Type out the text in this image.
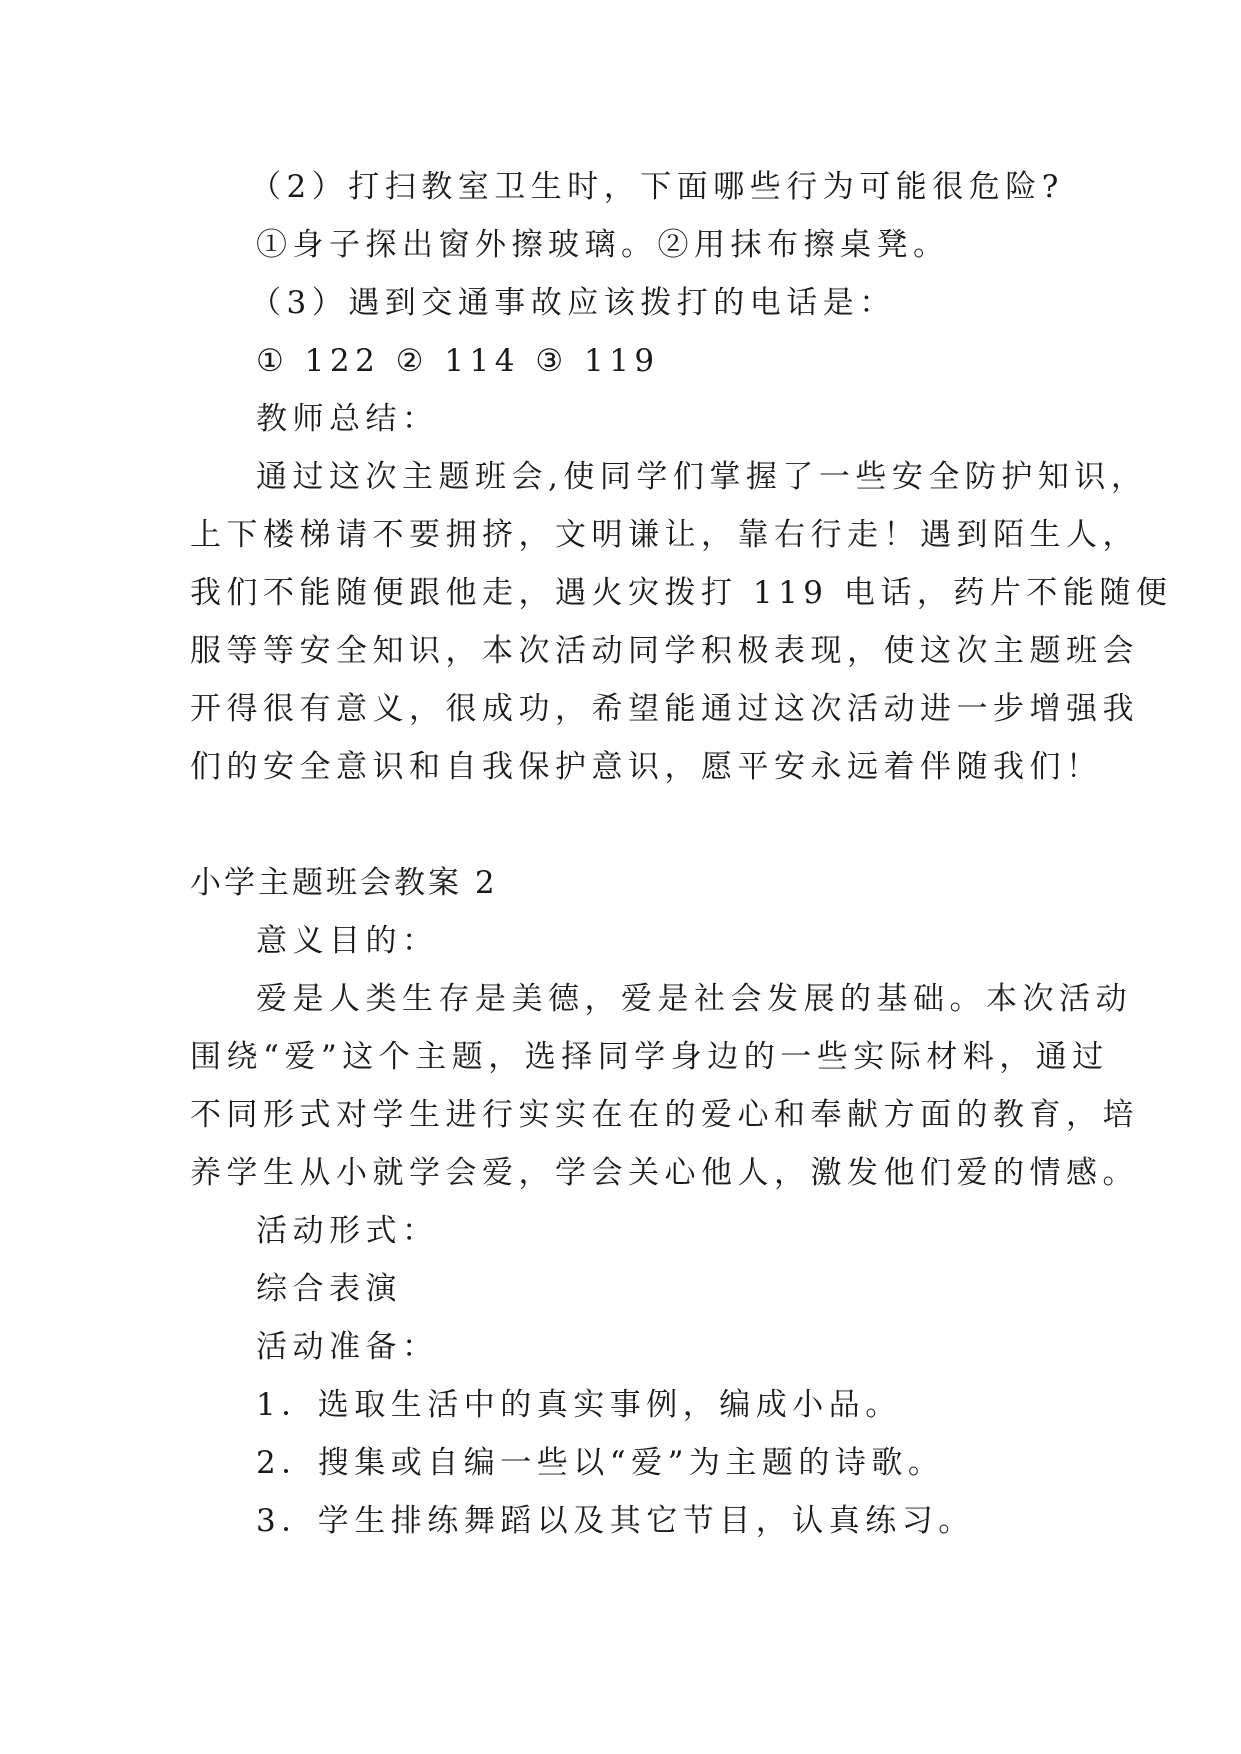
（2）打扫教室卫生时，下面哪些行为可能很危险?
①身子探出窗外擦玻璃。②用抹布擦桌凳。
（3）遇到交通事故应该拨打的电话是：
① 122 ② 114 ③ 119
教师总结：
通过这次主题班会,使同学们掌握了一些安全防护知识，
上下楼梯请不要拥挤，文明谦让，靠右行走！遇到陌生人，
我们不能随便跟他走，遇火灾拨打 119 电话，药片不能随便
服等等安全知识，本次活动同学积极表现，使这次主题班会
开得很有意义，很成功，希望能通过这次活动进一步增强我
们的安全意识和自我保护意识，愿平安永远着伴随我们！
小学主题班会教案 2
意义目的：
爱是人类生存是美德，爱是社会发展的基础。本次活动
围绕“爱”这个主题，选择同学身边的一些实际材料，通过
不同形式对学生进行实实在在的爱心和奉献方面的教育，培
养学生从小就学会爱，学会关心他人，激发他们爱的情感。
活动形式：
综合表演
活动准备：
1．选取生活中的真实事例，编成小品。
2．搜集或自编一些以“爱”为主题的诗歌。
3．学生排练舞蹈以及其它节目，认真练习。
